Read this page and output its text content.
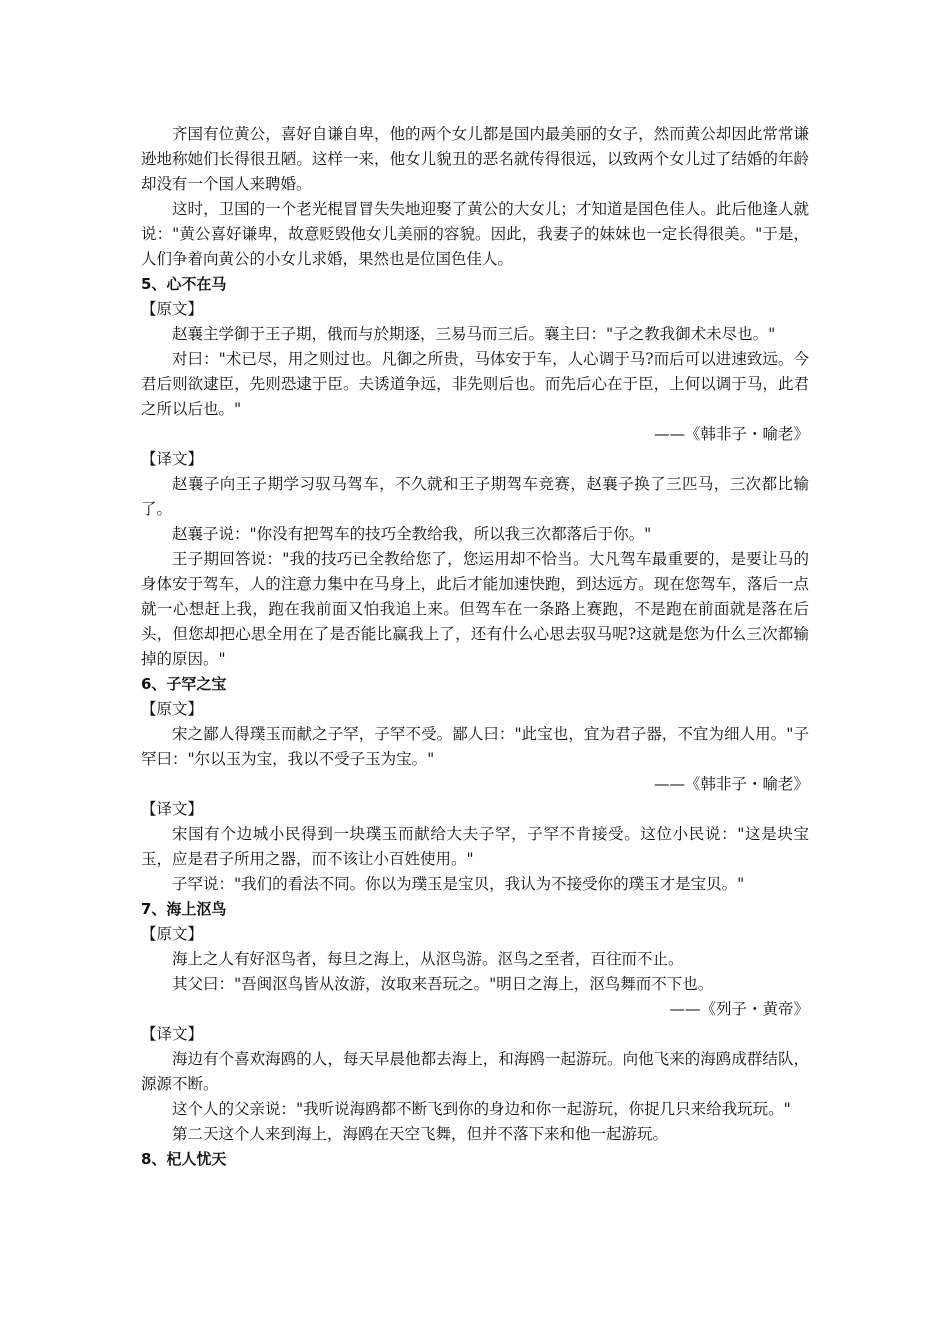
齐国有位黄公，喜好自谦自卑，他的两个女儿都是国内最美丽的女子，然而黄公却因此常常谦逊地称她们长得很丑陋。这样一来，他女儿貌丑的恶名就传得很远，以致两个女儿过了结婚的年龄却没有一个国人来聘婚。

这时，卫国的一个老光棍冒冒失失地迎娶了黄公的大女儿；才知道是国色佳人。此后他逢人就说："黄公喜好谦卑，故意贬毁他女儿美丽的容貌。因此，我妻子的妹妹也一定长得很美。"于是，人们争着向黄公的小女儿求婚，果然也是位国色佳人。

5、心不在马

【原文】

赵襄主学御于王子期，俄而与於期逐，三易马而三后。襄主曰："子之教我御术未尽也。"

对曰："术已尽，用之则过也。凡御之所贵，马体安于车，人心调于马?而后可以进速致远。今君后则欲逮臣，先则恐逮于臣。夫诱道争远，非先则后也。而先后心在于臣，上何以调于马，此君之所以后也。"

——《韩非子・喻老》

【译文】

赵襄子向王子期学习驭马驾车，不久就和王子期驾车竞赛，赵襄子换了三匹马，三次都比输了。

赵襄子说："你没有把驾车的技巧全教给我，所以我三次都落后于你。"

王子期回答说："我的技巧已全教给您了，您运用却不恰当。大凡驾车最重要的，是要让马的身体安于驾车，人的注意力集中在马身上，此后才能加速快跑，到达远方。现在您驾车，落后一点就一心想赶上我，跑在我前面又怕我追上来。但驾车在一条路上赛跑，不是跑在前面就是落在后头，但您却把心思全用在了是否能比赢我上了，还有什么心思去驭马呢?这就是您为什么三次都输掉的原因。"

6、子罕之宝

【原文】

宋之鄙人得璞玉而献之子罕，子罕不受。鄙人曰："此宝也，宜为君子器，不宜为细人用。"子罕曰："尔以玉为宝，我以不受子玉为宝。"

——《韩非子・喻老》

【译文】

宋国有个边城小民得到一块璞玉而献给大夫子罕，子罕不肯接受。这位小民说："这是块宝玉，应是君子所用之器，而不该让小百姓使用。"

子罕说："我们的看法不同。你以为璞玉是宝贝，我认为不接受你的璞玉才是宝贝。"

7、海上沤鸟

【原文】

海上之人有好沤鸟者，每旦之海上，从沤鸟游。沤鸟之至者，百往而不止。

其父曰："吾闽沤鸟皆从汝游，汝取来吾玩之。"明日之海上，沤鸟舞而不下也。

——《列子・黄帝》

【译文】

海边有个喜欢海鸥的人，每天早晨他都去海上，和海鸥一起游玩。向他飞来的海鸥成群结队，源源不断。

这个人的父亲说："我听说海鸥都不断飞到你的身边和你一起游玩，你捉几只来给我玩玩。"

第二天这个人来到海上，海鸥在天空飞舞，但并不落下来和他一起游玩。

8、杞人忧天
